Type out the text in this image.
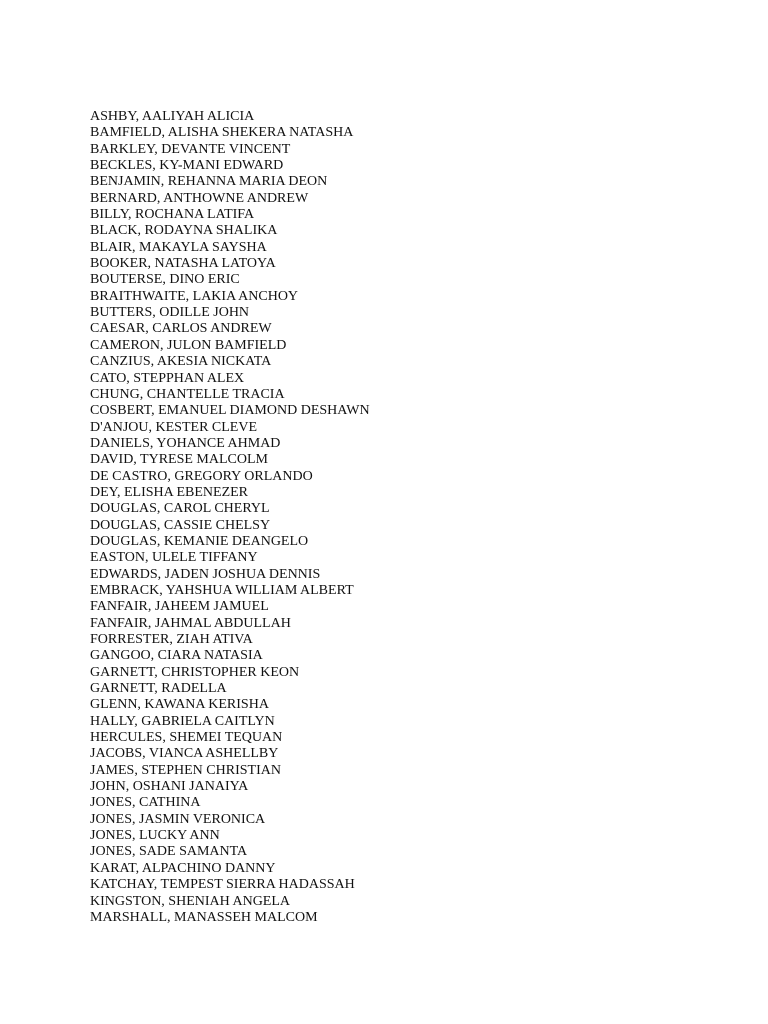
ASHBY, AALIYAH ALICIA
BAMFIELD, ALISHA SHEKERA NATASHA
BARKLEY, DEVANTE VINCENT
BECKLES, KY-MANI EDWARD
BENJAMIN, REHANNA MARIA DEON
BERNARD, ANTHOWNE ANDREW
BILLY, ROCHANA LATIFA
BLACK, RODAYNA SHALIKA
BLAIR, MAKAYLA SAYSHA
BOOKER, NATASHA LATOYA
BOUTERSE, DINO ERIC
BRAITHWAITE, LAKIA ANCHOY
BUTTERS, ODILLE JOHN
CAESAR, CARLOS ANDREW
CAMERON, JULON BAMFIELD
CANZIUS, AKESIA NICKATA
CATO, STEPPHAN ALEX
CHUNG, CHANTELLE TRACIA
COSBERT, EMANUEL DIAMOND DESHAWN
D'ANJOU, KESTER CLEVE
DANIELS, YOHANCE AHMAD
DAVID, TYRESE MALCOLM
DE CASTRO, GREGORY ORLANDO
DEY, ELISHA EBENEZER
DOUGLAS, CAROL CHERYL
DOUGLAS, CASSIE CHELSY
DOUGLAS, KEMANIE DEANGELO
EASTON, ULELE TIFFANY
EDWARDS, JADEN JOSHUA DENNIS
EMBRACK, YAHSHUA WILLIAM ALBERT
FANFAIR, JAHEEM JAMUEL
FANFAIR, JAHMAL ABDULLAH
FORRESTER, ZIAH ATIVA
GANGOO, CIARA NATASIA
GARNETT, CHRISTOPHER KEON
GARNETT, RADELLA
GLENN, KAWANA KERISHA
HALLY, GABRIELA CAITLYN
HERCULES, SHEMEI TEQUAN
JACOBS, VIANCA ASHELLBY
JAMES, STEPHEN CHRISTIAN
JOHN, OSHANI JANAIYA
JONES, CATHINA
JONES, JASMIN VERONICA
JONES, LUCKY ANN
JONES, SADE SAMANTA
KARAT, ALPACHINO DANNY
KATCHAY, TEMPEST SIERRA HADASSAH
KINGSTON, SHENIAH ANGELA
MARSHALL, MANASSEH MALCOM
